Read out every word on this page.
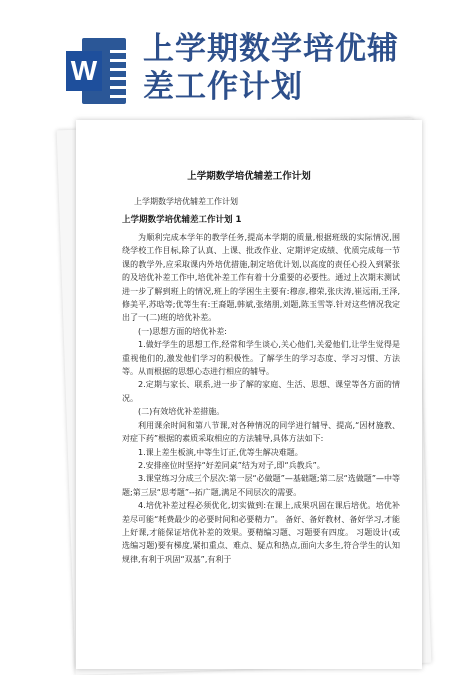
W
上学期数学培优辅
差工作计划
上学期数学培优辅差工作计划
上学期数学培优辅差工作计划
上学期数学培优辅差工作计划 1

为顺利完成本学年的教学任务,提高本学期的质量,根据班级的实际情况,围绕学校工作目标,除了认真、上课、批改作业、定期评定成绩、优质完成每一节课的教学外,应采取课内外培优措施,制定培优计划,以高度的责任心投入到紧张的及培优补差工作中,培优补差工作有着十分重要的必要性。通过上次期末测试进一步了解到班上的情况,班上的学困生主要有:穆彦,穆荣,张庆涛,崔远雨,王泽,修美平,苏晗等;优等生有:王裔题,韩斌,张绪朋,刘题,陈玉雪等.针对这些情况我定出了一(二)班的培优补差。

(一)思想方面的培优补差:

1.做好学生的思想工作,经常和学生谈心,关心他们,关爱他们,让学生觉得是重视他们的,激发他们学习的积极性。了解学生的学习态度、学习习惯、方法等。从而根据的思想心态进行相应的辅导。

2.定期与家长、联系,进一步了解的家庭、生活、思想、课堂等各方面的情况。

(二)有效培优补差措施。

利用课余时间和第八节课,对各种情况的同学进行辅导、提高,“因材施教、对症下药”根据的素质采取相应的方法辅导,具体方法如下:

1.课上差生板演,中等生订正,优等生解决难题。

2.安排座位时坚持“好差同桌”结为对子,即“兵教兵”。

3.课堂练习分成三个层次:第一层“必做题”—基础题;第二层“选做题”—中等题;第三层“思考题”--拓广题,满足不同层次的需要。

4.培优补差过程必须优化,切实做到:在课上,成果巩固在课后培优。培优补差尽可能“耗费最少的必要时间和必要精力”。 备好、备好教材、备好学习,才能上好课,才能保证培优补差的效果。要精编习题、习题要有四度。 习题设计(或选编习题)要有梯度,紧扣重点、难点、疑点和热点,面向大多生,符合学生的认知规律,有利于巩固“双基”,有利于
